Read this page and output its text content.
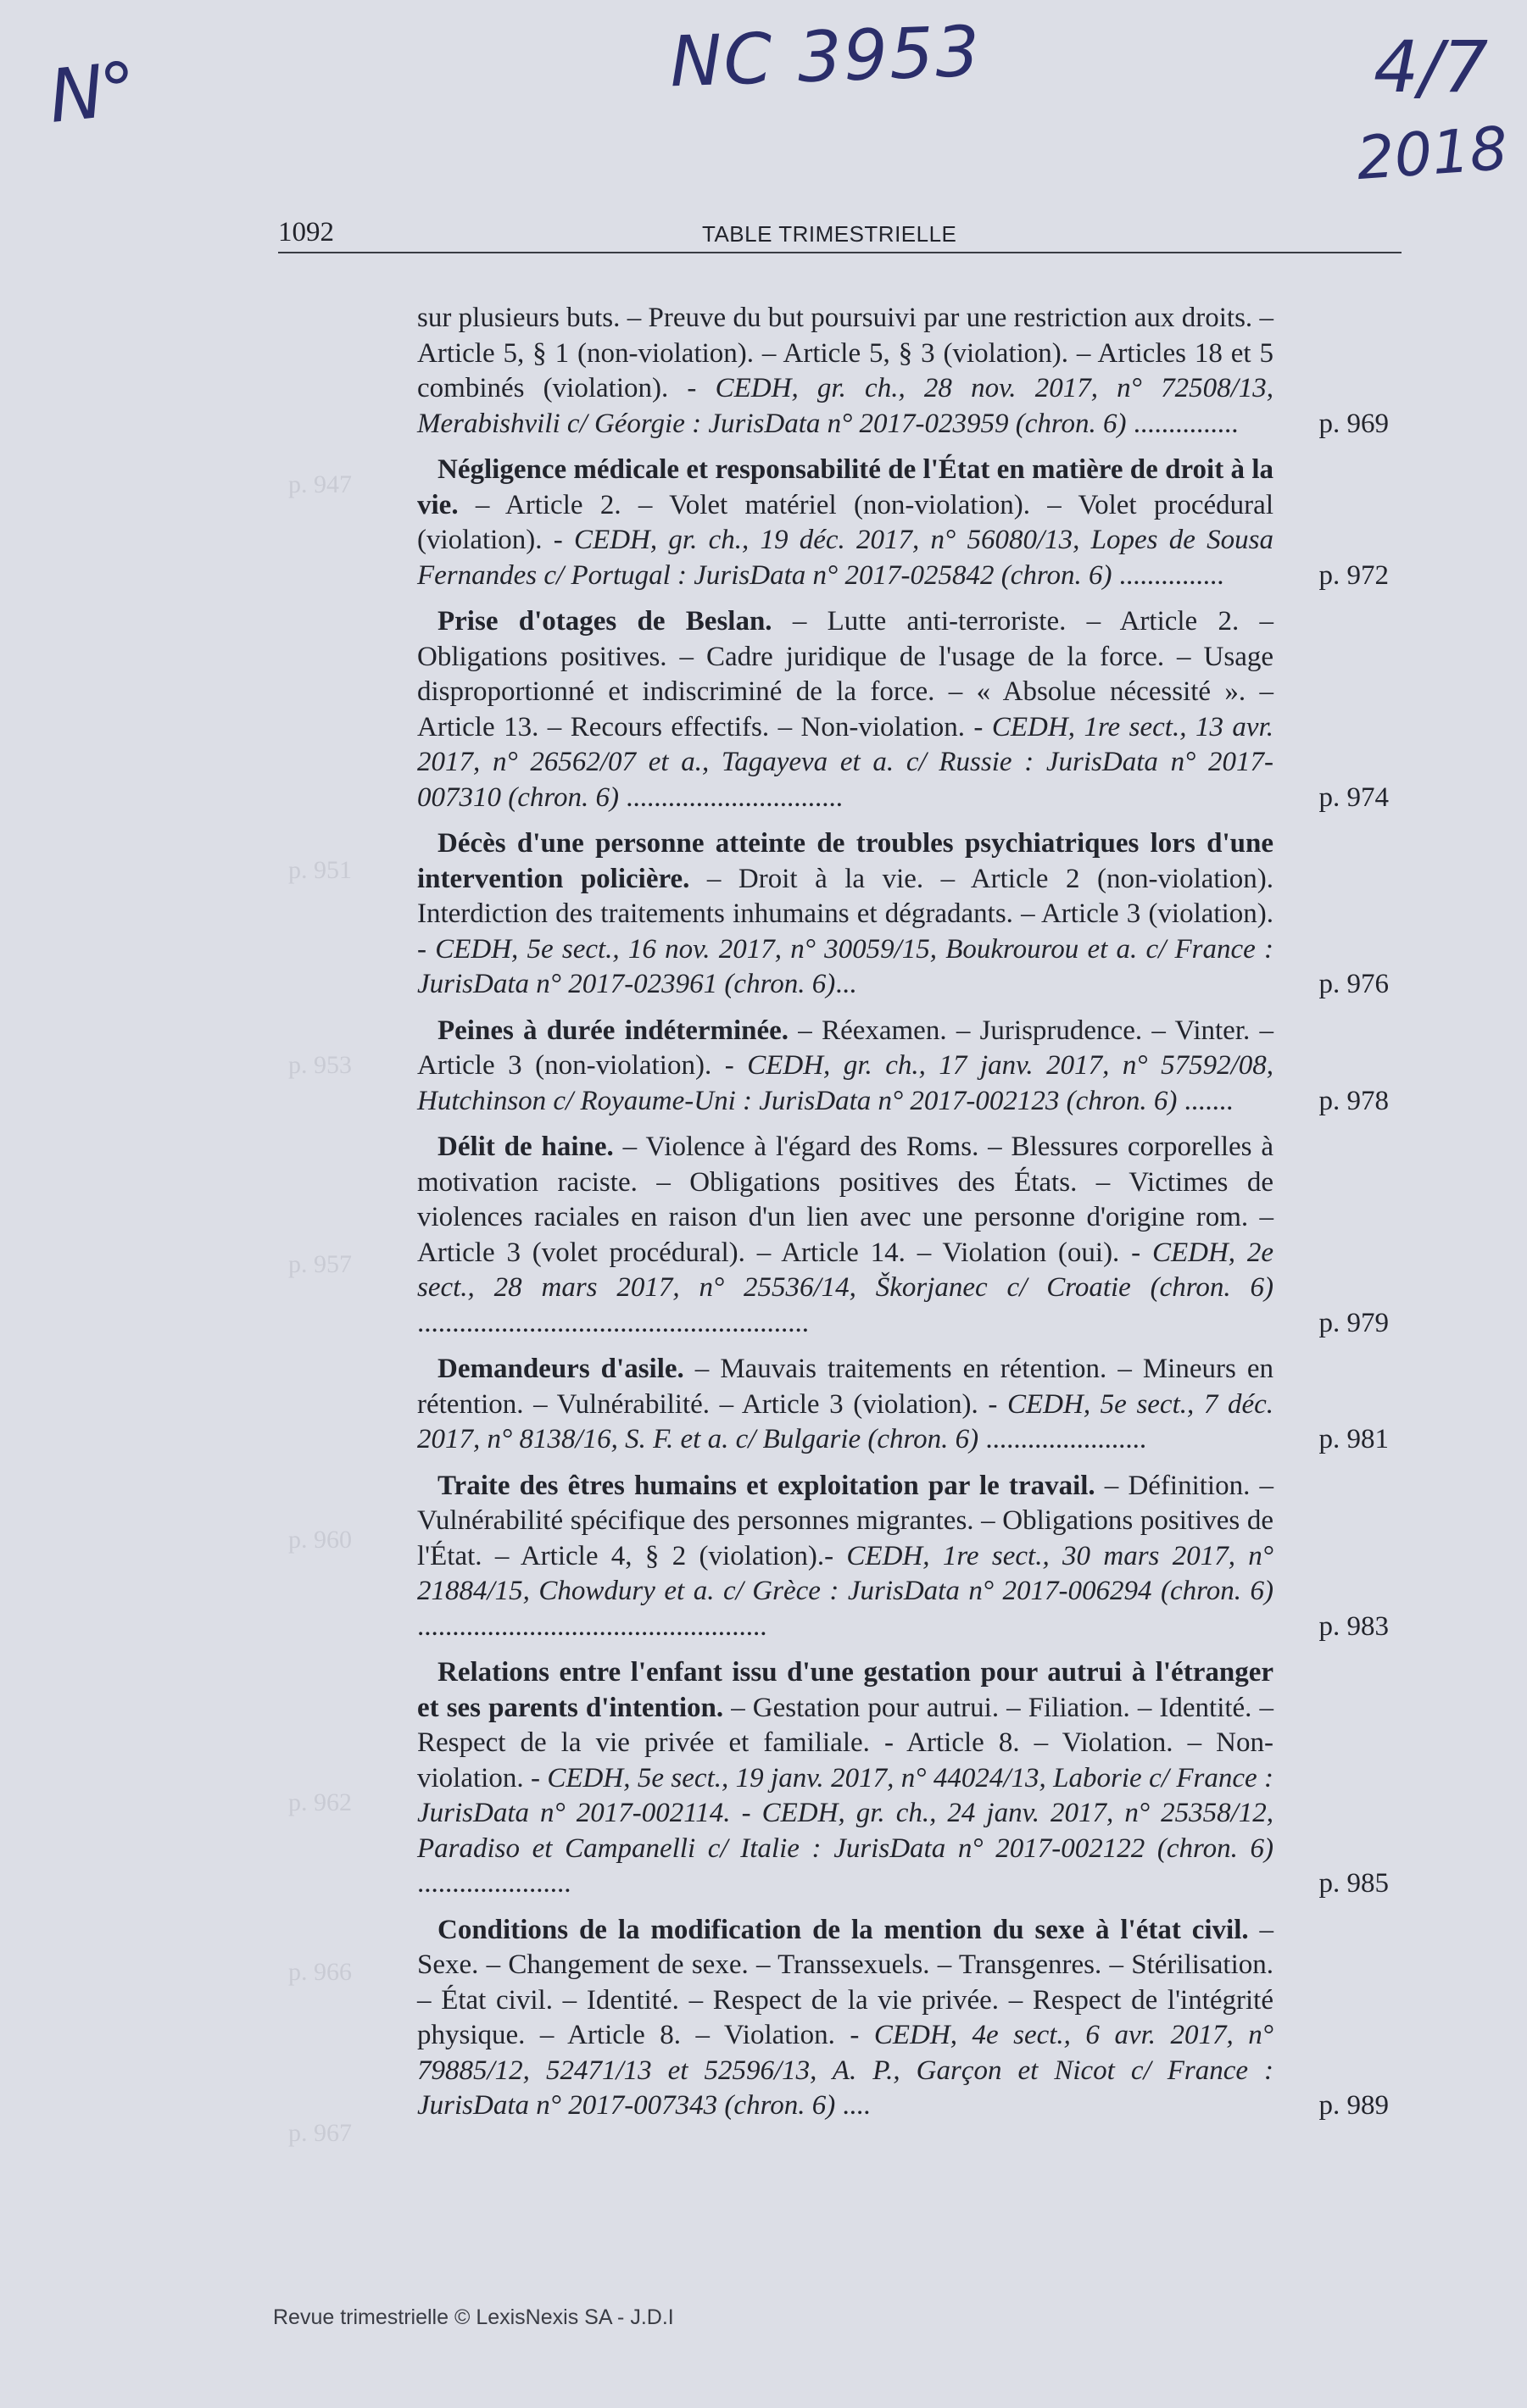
N°	NC 3953	4/7
2018
p. 947
p. 951
p. 953
p. 957
p. 960
p. 962
p. 966
p. 967
1092	TABLE TRIMESTRIELLE
sur plusieurs buts. – Preuve du but poursuivi par une restriction aux droits. – Article 5, § 1 (non-violation). – Article 5, § 3 (violation). – Articles 18 et 5 combinés (violation). - CEDH, gr. ch., 28 nov. 2017, n° 72508/13, Merabishvili c/ Géorgie : JurisData n° 2017-023959 (chron. 6) ...............	p. 969
Négligence médicale et responsabilité de l'État en matière de droit à la vie. – Article 2. – Volet matériel (non-violation). – Volet procédural (violation). - CEDH, gr. ch., 19 déc. 2017, n° 56080/13, Lopes de Sousa Fernandes c/ Portugal : JurisData n° 2017-025842 (chron. 6) ...............	p. 972
Prise d'otages de Beslan. – Lutte anti-terroriste. – Article 2. – Obligations positives. – Cadre juridique de l'usage de la force. – Usage disproportionné et indiscriminé de la force. – « Absolue nécessité ». – Article 13. – Recours effectifs. – Non-violation. - CEDH, 1re sect., 13 avr. 2017, n° 26562/07 et a., Tagayeva et a. c/ Russie : JurisData n° 2017-007310 (chron. 6) ...............................	p. 974
Décès d'une personne atteinte de troubles psychiatriques lors d'une intervention policière. – Droit à la vie. – Article 2 (non-violation). Interdiction des traitements inhumains et dégradants. – Article 3 (violation). - CEDH, 5e sect., 16 nov. 2017, n° 30059/15, Boukrourou et a. c/ France : JurisData n° 2017-023961 (chron. 6)...	p. 976
Peines à durée indéterminée. – Réexamen. – Jurisprudence. – Vinter. – Article 3 (non-violation). - CEDH, gr. ch., 17 janv. 2017, n° 57592/08, Hutchinson c/ Royaume-Uni : JurisData n° 2017-002123 (chron. 6) .......	p. 978
Délit de haine. – Violence à l'égard des Roms. – Blessures corporelles à motivation raciste. – Obligations positives des États. – Victimes de violences raciales en raison d'un lien avec une personne d'origine rom. – Article 3 (volet procédural). – Article 14. – Violation (oui). - CEDH, 2e sect., 28 mars 2017, n° 25536/14, Škorjanec c/ Croatie (chron. 6) ........................................................	p. 979
Demandeurs d'asile. – Mauvais traitements en rétention. – Mineurs en rétention. – Vulnérabilité. – Article 3 (violation). - CEDH, 5e sect., 7 déc. 2017, n° 8138/16, S. F. et a. c/ Bulgarie (chron. 6) .......................	p. 981
Traite des êtres humains et exploitation par le travail. – Définition. – Vulnérabilité spécifique des personnes migrantes. – Obligations positives de l'État. – Article 4, § 2 (violation).- CEDH, 1re sect., 30 mars 2017, n° 21884/15, Chowdury et a. c/ Grèce : JurisData n° 2017-006294 (chron. 6) ..................................................	p. 983
Relations entre l'enfant issu d'une gestation pour autrui à l'étranger et ses parents d'intention. – Gestation pour autrui. – Filiation. – Identité. – Respect de la vie privée et familiale. - Article 8. – Violation. – Non-violation. - CEDH, 5e sect., 19 janv. 2017, n° 44024/13, Laborie c/ France : JurisData n° 2017-002114. - CEDH, gr. ch., 24 janv. 2017, n° 25358/12, Paradiso et Campanelli c/ Italie : JurisData n° 2017-002122 (chron. 6) ......................	p. 985
Conditions de la modification de la mention du sexe à l'état civil. – Sexe. – Changement de sexe. – Transsexuels. – Transgenres. – Stérilisation. – État civil. – Identité. – Respect de la vie privée. – Respect de l'intégrité physique. – Article 8. – Violation. - CEDH, 4e sect., 6 avr. 2017, n° 79885/12, 52471/13 et 52596/13, A. P., Garçon et Nicot c/ France : JurisData n° 2017-007343 (chron. 6) ....	p. 989
Revue trimestrielle © LexisNexis SA - J.D.I
